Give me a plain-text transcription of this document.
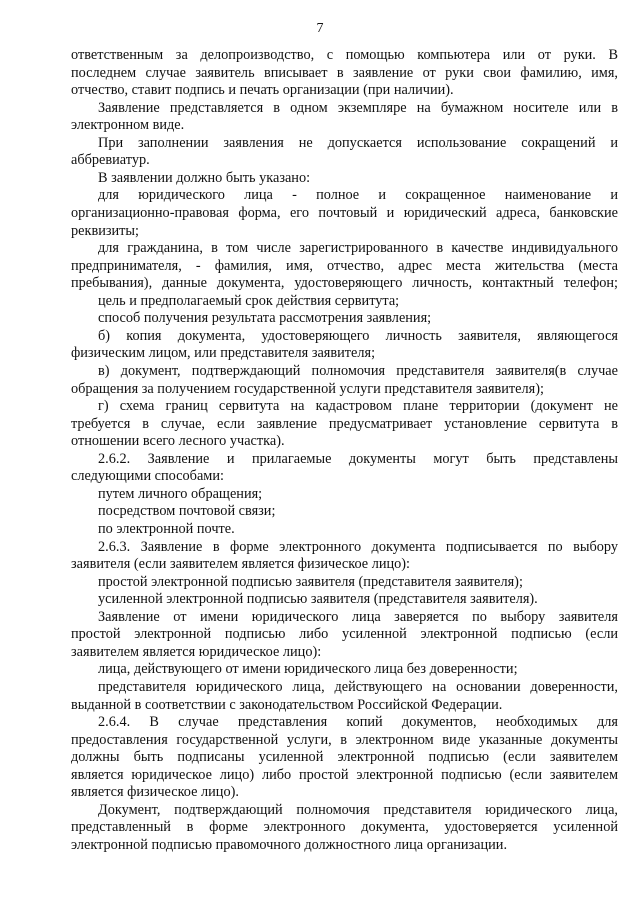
7
ответственным за делопроизводство, с помощью компьютера или от руки. В
последнем случае заявитель вписывает в заявление от руки свои фамилию, имя,
отчество, ставит подпись и печать организации (при наличии).
Заявление представляется в одном экземпляре на бумажном носителе или в
электронном виде.
При заполнении заявления не допускается использование сокращений и
аббревиатур.
В заявлении должно быть указано:
для юридического лица - полное и сокращенное наименование и
организационно-правовая форма, его почтовый и юридический адреса, банковские
реквизиты;
для гражданина, в том числе зарегистрированного в качестве индивидуального
предпринимателя, - фамилия, имя, отчество, адрес места жительства (места
пребывания), данные документа, удостоверяющего личность, контактный телефон;
цель и предполагаемый срок действия сервитута;
способ получения результата рассмотрения заявления;
б) копия документа, удостоверяющего личность заявителя, являющегося
физическим лицом, или представителя заявителя;
в) документ, подтверждающий полномочия представителя заявителя(в случае
обращения за получением государственной услуги представителя заявителя);
г) схема границ сервитута на кадастровом плане территории (документ не
требуется в случае, если заявление предусматривает установление сервитута в
отношении всего лесного участка).
2.6.2. Заявление и прилагаемые документы могут быть представлены
следующими способами:
путем личного обращения;
посредством почтовой связи;
по электронной почте.
2.6.3. Заявление в форме электронного документа подписывается по выбору
заявителя (если заявителем является физическое лицо):
простой электронной подписью заявителя (представителя заявителя);
усиленной электронной подписью заявителя (представителя заявителя).
Заявление от имени юридического лица заверяется по выбору заявителя
простой электронной подписью либо усиленной электронной подписью (если
заявителем является юридическое лицо):
лица, действующего от имени юридического лица без доверенности;
представителя юридического лица, действующего на основании доверенности,
выданной в соответствии с законодательством Российской Федерации.
2.6.4. В случае представления копий документов, необходимых для
предоставления государственной услуги, в электронном виде указанные документы
должны быть подписаны усиленной электронной подписью (если заявителем
является юридическое лицо) либо простой электронной подписью (если заявителем
является физическое лицо).
Документ, подтверждающий полномочия представителя юридического лица,
представленный в форме электронного документа, удостоверяется усиленной
электронной подписью правомочного должностного лица организации.
